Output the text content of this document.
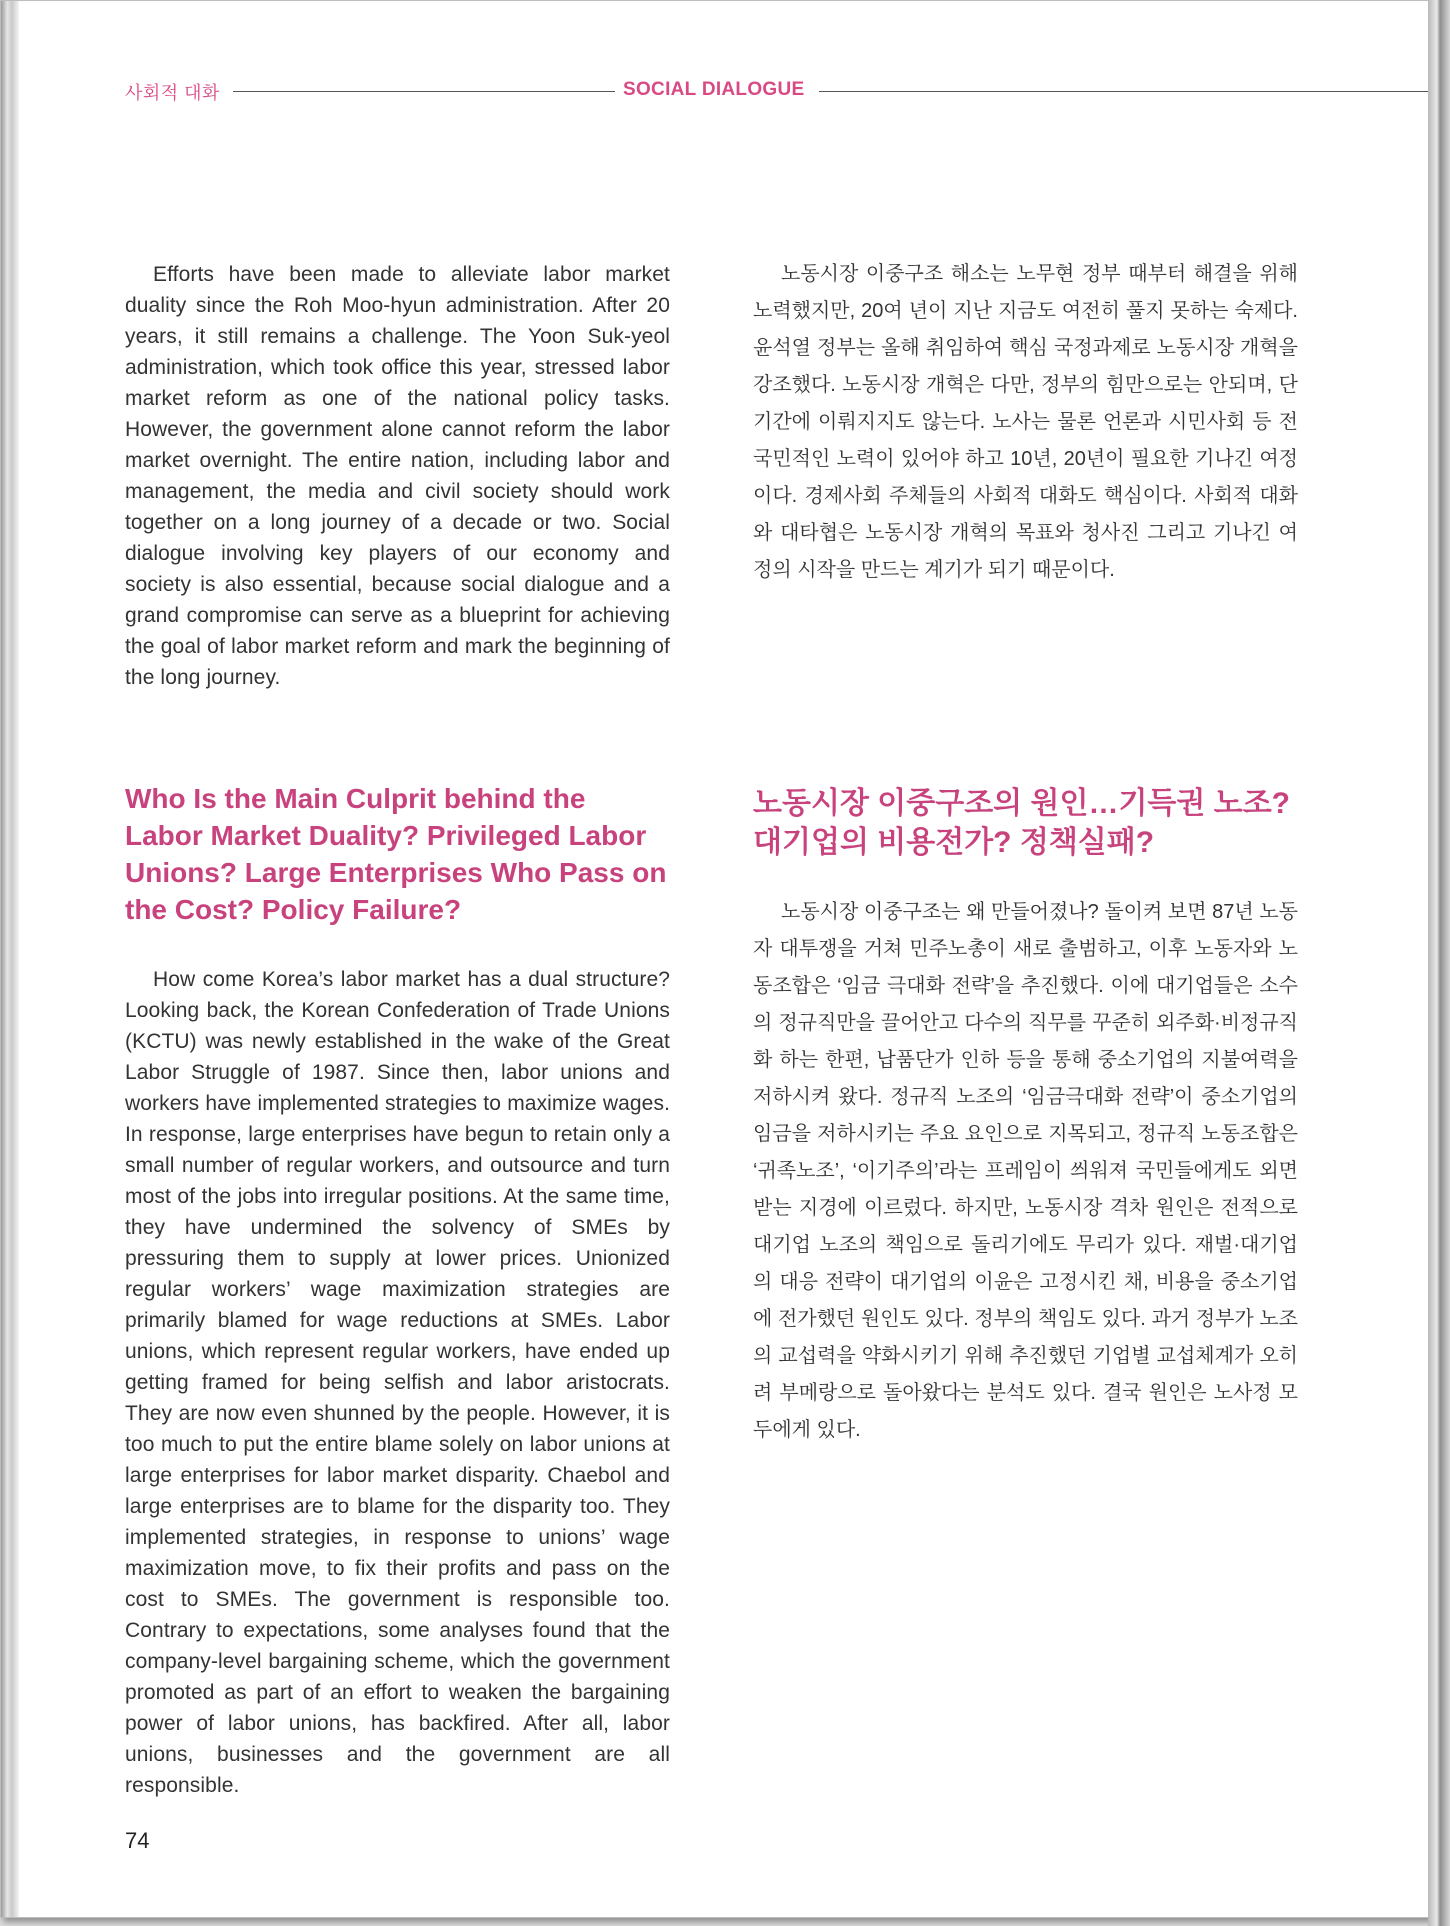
사회적 대화	SOCIAL DIALOGUE

Efforts have been made to alleviate labor market duality since the Roh Moo-hyun administration. After 20 years, it still remains a challenge. The Yoon Suk-yeol administration, which took office this year, stressed labor market reform as one of the national policy tasks. However, the government alone cannot reform the labor market overnight. The entire nation, including labor and management, the media and civil society should work together on a long journey of a decade or two. Social dialogue involving key players of our economy and society is also essential, because social dialogue and a grand compromise can serve as a blueprint for achieving the goal of labor market reform and mark the beginning of the long journey.

노동시장 이중구조 해소는 노무현 정부 때부터 해결을 위해 노력했지만, 20여 년이 지난 지금도 여전히 풀지 못하는 숙제다. 윤석열 정부는 올해 취임하여 핵심 국정과제로 노동시장 개혁을 강조했다. 노동시장 개혁은 다만, 정부의 힘만으로는 안되며, 단기간에 이뤄지지도 않는다. 노사는 물론 언론과 시민사회 등 전 국민적인 노력이 있어야 하고 10년, 20년이 필요한 기나긴 여정이다. 경제사회 주체들의 사회적 대화도 핵심이다. 사회적 대화와 대타협은 노동시장 개혁의 목표와 청사진 그리고 기나긴 여정의 시작을 만드는 계기가 되기 때문이다.

Who Is the Main Culprit behind the Labor Market Duality? Privileged Labor Unions? Large Enterprises Who Pass on the Cost? Policy Failure?

How come Korea’s labor market has a dual structure? Looking back, the Korean Confederation of Trade Unions (KCTU) was newly established in the wake of the Great Labor Struggle of 1987. Since then, labor unions and workers have implemented strategies to maximize wages. In response, large enterprises have begun to retain only a small number of regular workers, and outsource and turn most of the jobs into irregular positions. At the same time, they have undermined the solvency of SMEs by pressuring them to supply at lower prices. Unionized regular workers’ wage maximization strategies are primarily blamed for wage reductions at SMEs. Labor unions, which represent regular workers, have ended up getting framed for being selfish and labor aristocrats. They are now even shunned by the people. However, it is too much to put the entire blame solely on labor unions at large enterprises for labor market disparity. Chaebol and large enterprises are to blame for the disparity too. They implemented strategies, in response to unions’ wage maximization move, to fix their profits and pass on the cost to SMEs. The government is responsible too. Contrary to expectations, some analyses found that the company-level bargaining scheme, which the government promoted as part of an effort to weaken the bargaining power of labor unions, has backfired. After all, labor unions, businesses and the government are all responsible.

노동시장 이중구조의 원인…기득권 노조? 대기업의 비용전가? 정책실패?

노동시장 이중구조는 왜 만들어졌나? 돌이켜 보면 87년 노동자 대투쟁을 거쳐 민주노총이 새로 출범하고, 이후 노동자와 노동조합은 ‘임금 극대화 전략’을 추진했다. 이에 대기업들은 소수의 정규직만을 끌어안고 다수의 직무를 꾸준히 외주화·비정규직화 하는 한편, 납품단가 인하 등을 통해 중소기업의 지불여력을 저하시켜 왔다. 정규직 노조의 ‘임금극대화 전략’이 중소기업의 임금을 저하시키는 주요 요인으로 지목되고, 정규직 노동조합은 ‘귀족노조’, ‘이기주의’라는 프레임이 씌워져 국민들에게도 외면받는 지경에 이르렀다. 하지만, 노동시장 격차 원인은 전적으로 대기업 노조의 책임으로 돌리기에도 무리가 있다. 재벌·대기업의 대응 전략이 대기업의 이윤은 고정시킨 채, 비용을 중소기업에 전가했던 원인도 있다. 정부의 책임도 있다. 과거 정부가 노조의 교섭력을 약화시키기 위해 추진했던 기업별 교섭체계가 오히려 부메랑으로 돌아왔다는 분석도 있다. 결국 원인은 노사정 모두에게 있다.

74
